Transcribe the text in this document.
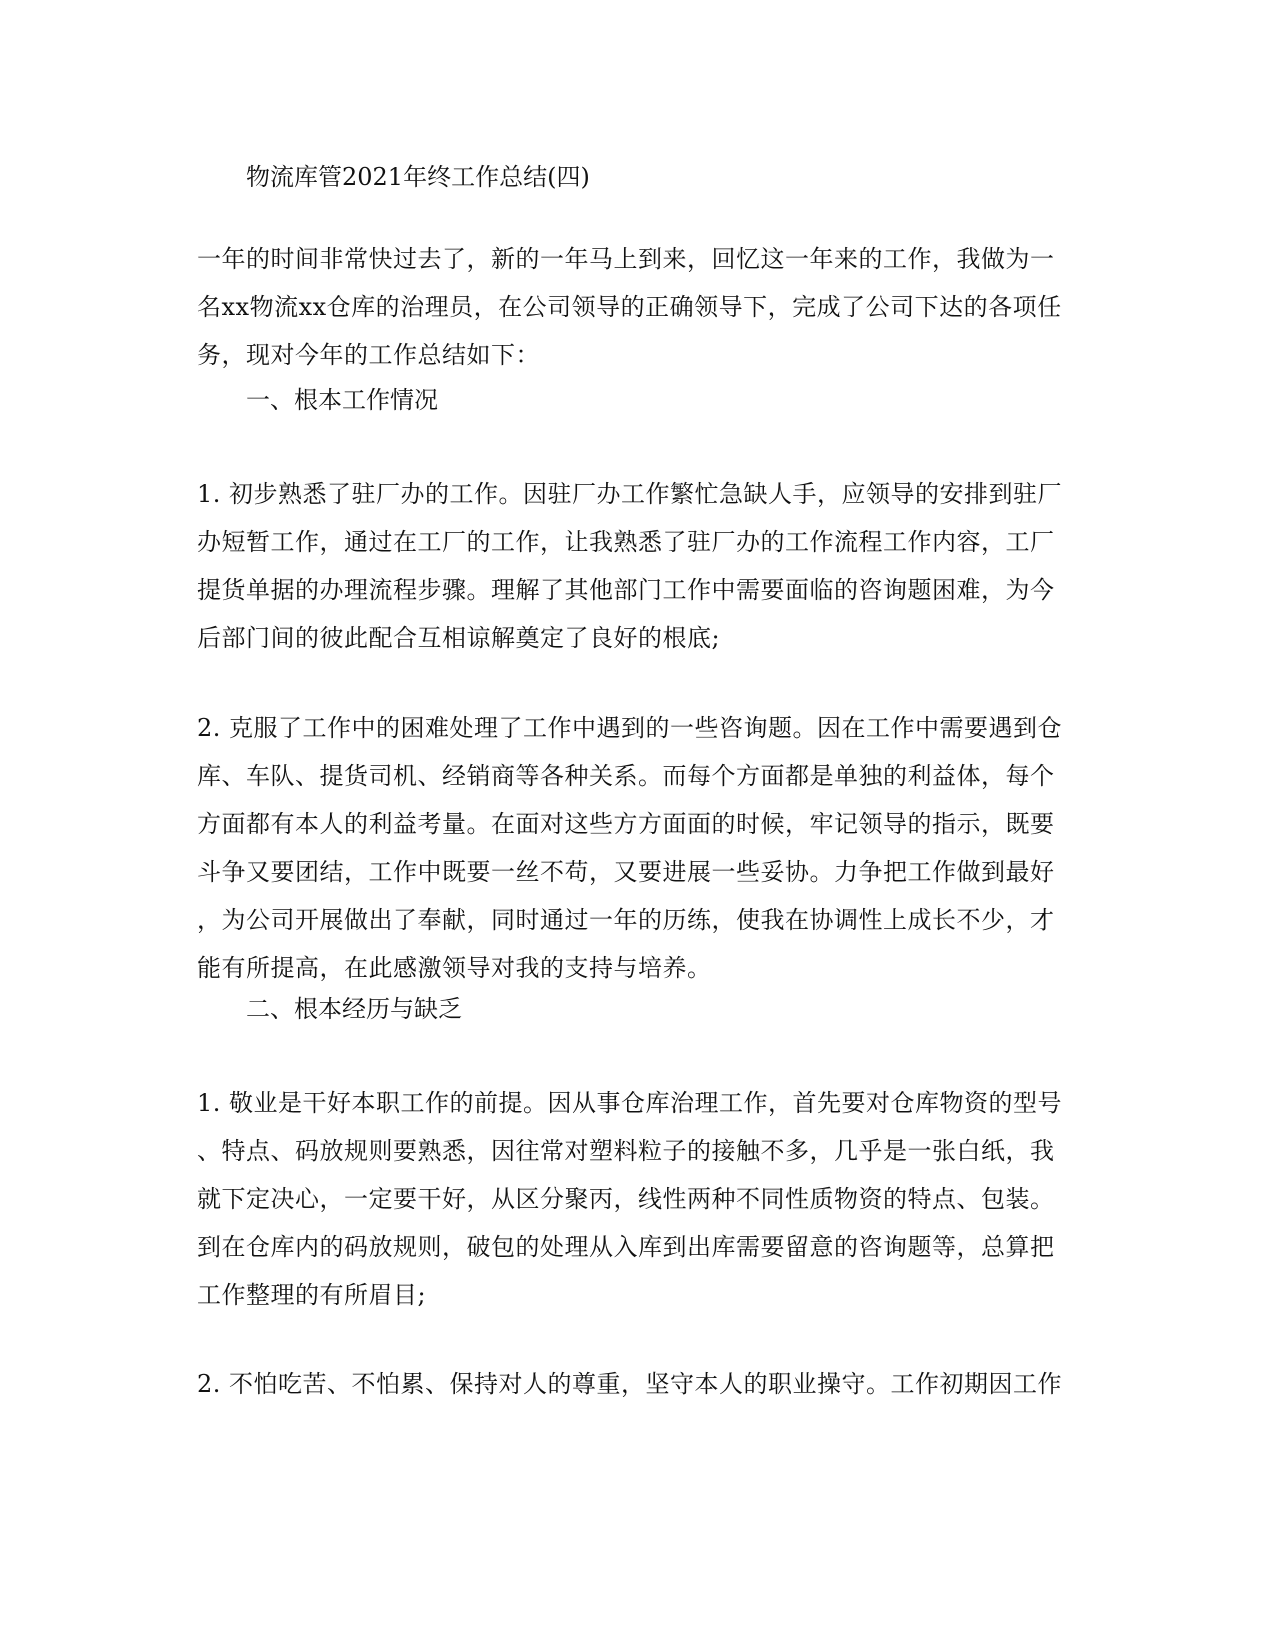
物流库管2021年终工作总结(四)
一年的时间非常快过去了，新的一年马上到来，回忆这一年来的工作，我做为一
名xx物流xx仓库的治理员，在公司领导的正确领导下，完成了公司下达的各项任
务，现对今年的工作总结如下：
一、根本工作情况
1. 初步熟悉了驻厂办的工作。因驻厂办工作繁忙急缺人手，应领导的安排到驻厂
办短暂工作，通过在工厂的工作，让我熟悉了驻厂办的工作流程工作内容，工厂
提货单据的办理流程步骤。理解了其他部门工作中需要面临的咨询题困难，为今
后部门间的彼此配合互相谅解奠定了良好的根底;
2. 克服了工作中的困难处理了工作中遇到的一些咨询题。因在工作中需要遇到仓
库、车队、提货司机、经销商等各种关系。而每个方面都是单独的利益体，每个
方面都有本人的利益考量。在面对这些方方面面的时候，牢记领导的指示，既要
斗争又要团结，工作中既要一丝不苟，又要进展一些妥协。力争把工作做到最好
，为公司开展做出了奉献，同时通过一年的历练，使我在协调性上成长不少，才
能有所提高，在此感激领导对我的支持与培养。
二、根本经历与缺乏
1. 敬业是干好本职工作的前提。因从事仓库治理工作，首先要对仓库物资的型号
、特点、码放规则要熟悉，因往常对塑料粒子的接触不多，几乎是一张白纸，我
就下定决心，一定要干好，从区分聚丙，线性两种不同性质物资的特点、包装。
到在仓库内的码放规则，破包的处理从入库到出库需要留意的咨询题等，总算把
工作整理的有所眉目;
2. 不怕吃苦、不怕累、保持对人的尊重，坚守本人的职业操守。工作初期因工作
